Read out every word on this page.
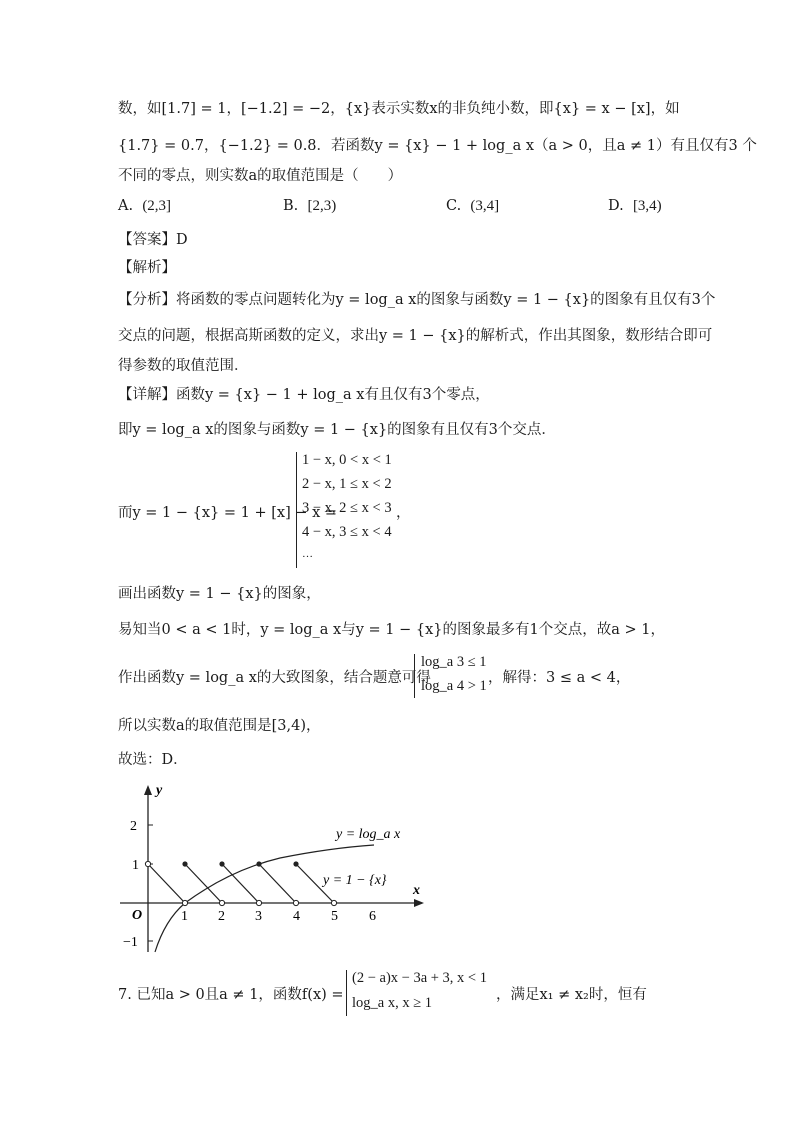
数，如[1.7] = 1，[−1.2] = −2，{x}表示实数x的非负纯小数，即{x} = x − [x]，如
{1.7} = 0.7，{−1.2} = 0.8．若函数y = {x} − 1 + log_a x（a > 0，且a ≠ 1）有且仅有3 个
不同的零点，则实数a的取值范围是（　　）
A. (2,3]	B. [2,3)	C. (3,4]	D. [3,4)
【答案】D
【解析】
【分析】将函数的零点问题转化为y = log_a x的图象与函数y = 1 − {x}的图象有且仅有3个
交点的问题，根据高斯函数的定义，求出y = 1 − {x}的解析式，作出其图象，数形结合即可
得参数的取值范围．
【详解】函数y = {x} − 1 + log_a x有且仅有3个零点，
即y = log_a x的图象与函数y = 1 − {x}的图象有且仅有3个交点．
而y = 1 − {x} = 1 + [x] − x =
1 − x, 0 < x < 1
2 − x, 1 ≤ x < 2
3 − x, 2 ≤ x < 3
4 − x, 3 ≤ x < 4
…
，
画出函数y = 1 − {x}的图象，
易知当0 < a < 1时，y = log_a x与y = 1 − {x}的图象最多有1个交点，故a > 1，
作出函数y = log_a x的大致图象，结合题意可得
log_a 3 ≤ 1
log_a 4 > 1 ，解得：3 ≤ a < 4，
所以实数a的取值范围是[3,4)，
故选：D．
y
x
O
2
1
−1
1 2 3 4 5 6
y = log_a x
y = 1 − {x}
7. 已知a > 0且a ≠ 1，函数f(x) =
(2 − a)x − 3a + 3, x < 1
log_a x, x ≥ 1	，满足x₁ ≠ x₂时，恒有
